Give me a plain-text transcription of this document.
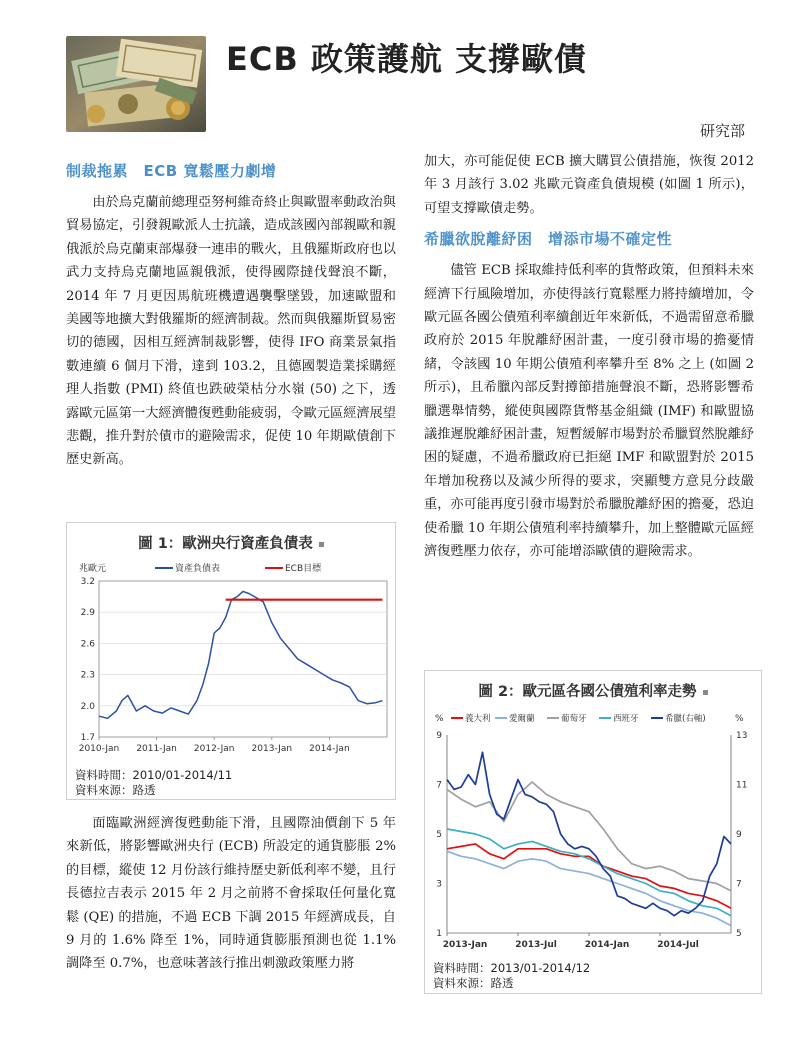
ECB 政策護航 支撐歐債
研究部
制裁拖累　ECB 寬鬆壓力劇增

由於烏克蘭前總理亞努柯維奇終止與歐盟率動政治與貿易協定，引發親歐派人士抗議，造成該國內部親歐和親俄派於烏克蘭東部爆發一連串的戰火，且俄羅斯政府也以武力支持烏克蘭地區親俄派，使得國際撻伐聲浪不斷，2014 年 7 月更因馬航班機遭遇襲擊墜毀，加速歐盟和美國等地擴大對俄羅斯的經濟制裁。然而與俄羅斯貿易密切的德國，因相互經濟制裁影響，使得 IFO 商業景氣指數連續 6 個月下滑，達到 103.2，且德國製造業採購經理人指數 (PMI) 終值也跌破榮枯分水嶺 (50) 之下，透露歐元區第一大經濟體復甦動能疲弱，令歐元區經濟展望悲觀，推升對於債市的避險需求，促使 10 年期歐債創下歷史新高。

圖 1：歐洲央行資產負債表
兆歐元	資產負債表	ECB目標
3.2
2.9
2.6
2.3
2.0
1.7
2010-Jan 2011-Jan 2012-Jan 2013-Jan 2014-Jan
資料時間：2010/01-2014/11
資料來源：路透

面臨歐洲經濟復甦動能下滑，且國際油價創下 5 年來新低，將影響歐洲央行 (ECB) 所設定的通貨膨脹 2% 的目標，縱使 12 月份該行維持歷史新低利率不變，且行長德拉吉表示 2015 年 2 月之前將不會採取任何量化寬鬆 (QE) 的措施，不過 ECB 下調 2015 年經濟成長，自 9 月的 1.6% 降至 1%，同時通貨膨脹預測也從 1.1% 調降至 0.7%，也意味著該行推出刺激政策壓力將

加大，亦可能促使 ECB 擴大購買公債措施，恢復 2012 年 3 月該行 3.02 兆歐元資產負債規模 (如圖 1 所示)，可望支撐歐債走勢。

希臘欲脫離紓困　增添市場不確定性

儘管 ECB 採取維持低利率的貨幣政策，但預料未來經濟下行風險增加，亦使得該行寬鬆壓力將持續增加，令歐元區各國公債殖利率續創近年來新低，不過需留意希臘政府於 2015 年脫離紓困計畫，一度引發市場的擔憂情緒，令該國 10 年期公債殖利率攀升至 8% 之上 (如圖 2 所示)，且希臘內部反對撙節措施聲浪不斷，恐將影響希臘選舉情勢，縱使與國際貨幣基金組織 (IMF) 和歐盟協議推遲脫離紓困計畫，短暫緩解市場對於希臘貿然脫離紓困的疑慮，不過希臘政府已拒絕 IMF 和歐盟對於 2015 年增加稅務以及減少所得的要求，突顯雙方意見分歧嚴重，亦可能再度引發市場對於希臘脫離紓困的擔憂，恐迫使希臘 10 年期公債殖利率持續攀升，加上整體歐元區經濟復甦壓力依存，亦可能增添歐債的避險需求。

圖 2：歐元區各國公債殖利率走勢
%	%
義大利 愛爾蘭	葡萄牙	西班牙	希臘(右軸)
9
7
5
3
1
13
11
9
7
5
2013-Jan	2013-Jul	2014-Jan	2014-Jul
資料時間：2013/01-2014/12
資料來源：路透
